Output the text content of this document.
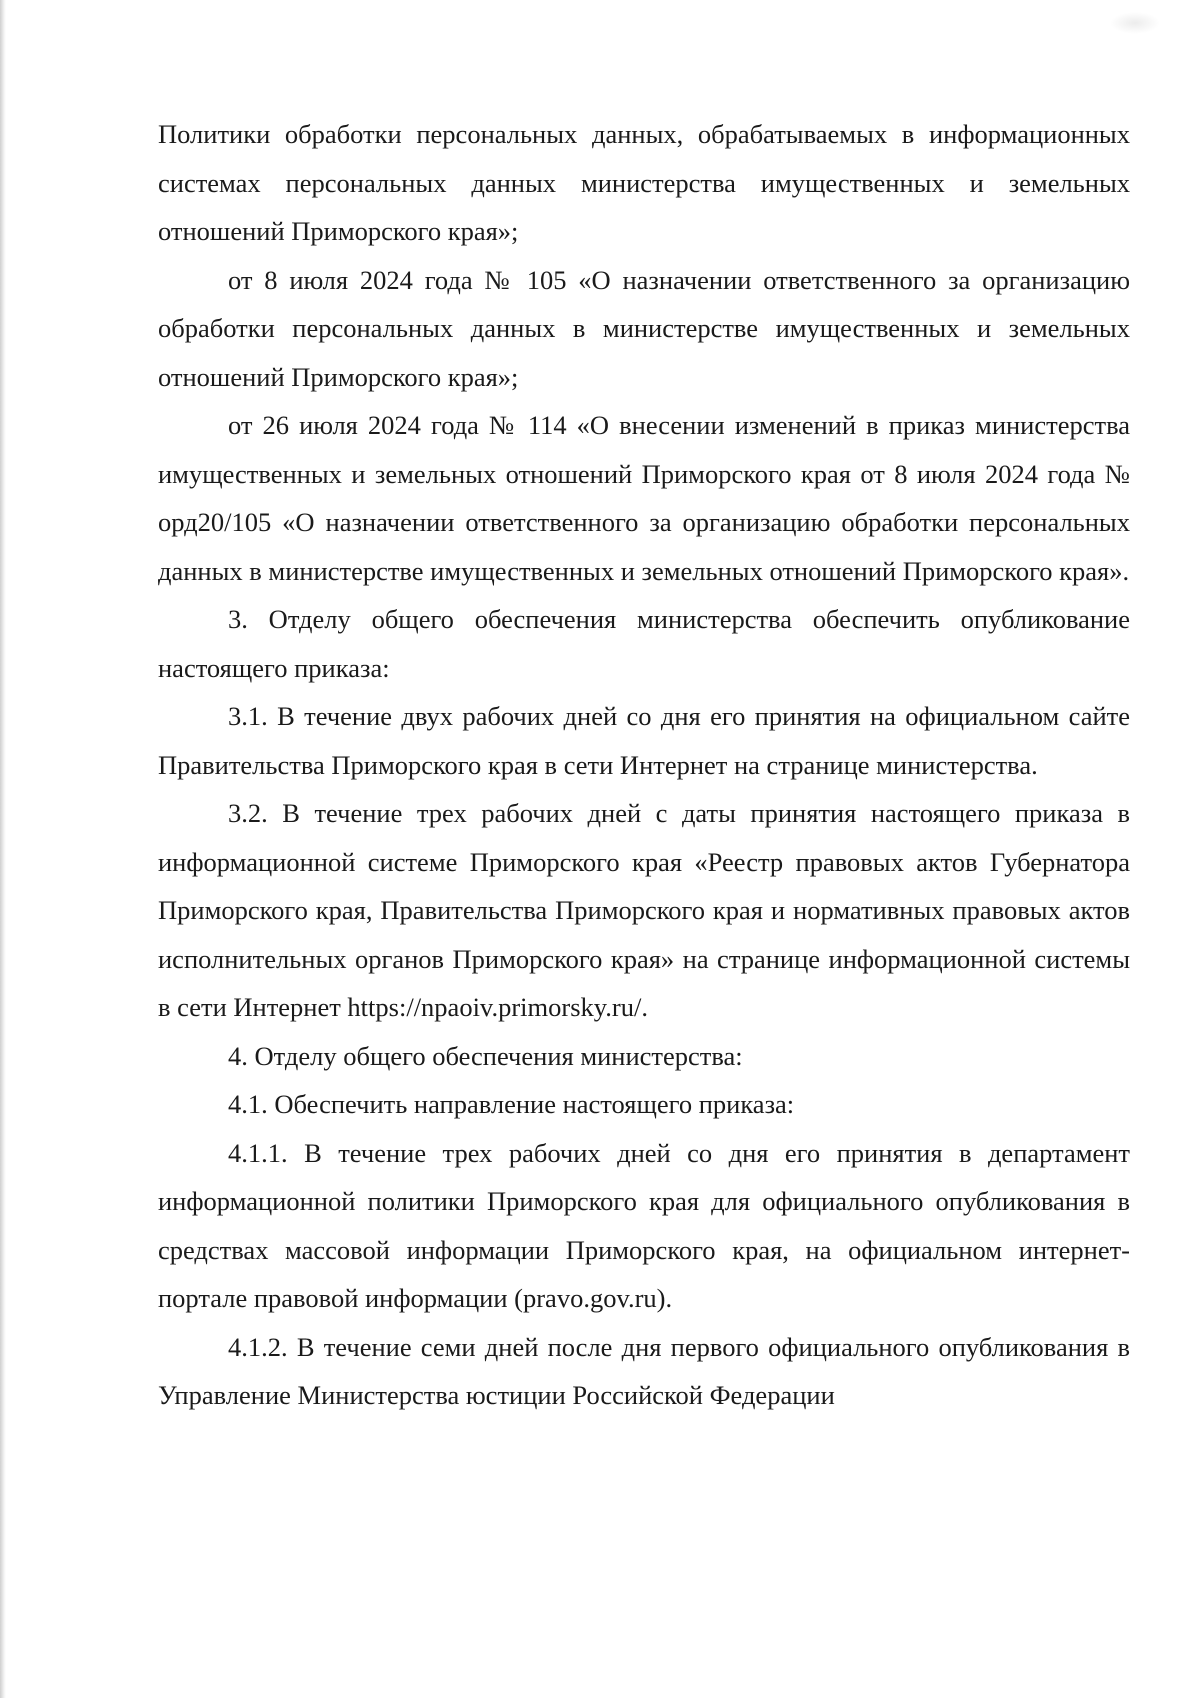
Политики обработки персональных данных, обрабатываемых в информационных системах персональных данных министерства имущественных и земельных отношений Приморского края»;

от 8 июля 2024 года № 105 «О назначении ответственного за организацию обработки персональных данных в министерстве имущественных и земельных отношений Приморского края»;

от 26 июля 2024 года № 114 «О внесении изменений в приказ министерства имущественных и земельных отношений Приморского края от 8 июля 2024 года № орд20/105 «О назначении ответственного за организацию обработки персональных данных в министерстве имущественных и земельных отношений Приморского края».

3. Отделу общего обеспечения министерства обеспечить опубликование настоящего приказа:

3.1. В течение двух рабочих дней со дня его принятия на официальном сайте Правительства Приморского края в сети Интернет на странице министерства.

3.2. В течение трех рабочих дней с даты принятия настоящего приказа в информационной системе Приморского края «Реестр правовых актов Губернатора Приморского края, Правительства Приморского края и нормативных правовых актов исполнительных органов Приморского края» на странице информационной системы в сети Интернет https://npaoiv.primorsky.ru/.

4. Отделу общего обеспечения министерства:

4.1. Обеспечить направление настоящего приказа:

4.1.1. В течение трех рабочих дней со дня его принятия в департамент информационной политики Приморского края для официального опубликования в средствах массовой информации Приморского края, на официальном интернет-портале правовой информации (pravo.gov.ru).

4.1.2. В течение семи дней после дня первого официального опубликования в Управление Министерства юстиции Российской Федерации
